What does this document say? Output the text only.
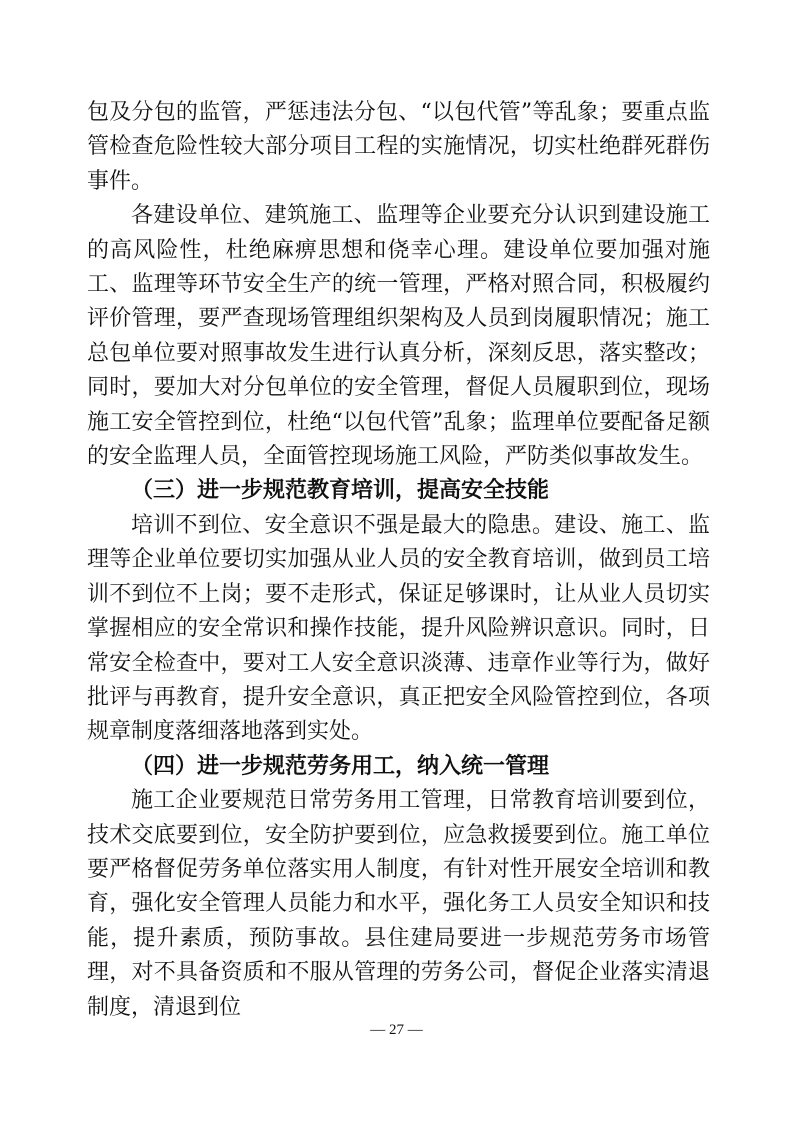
包及分包的监管，严惩违法分包、“以包代管”等乱象；要重点监管检查危险性较大部分项目工程的实施情况，切实杜绝群死群伤事件。

各建设单位、建筑施工、监理等企业要充分认识到建设施工的高风险性，杜绝麻痹思想和侥幸心理。建设单位要加强对施工、监理等环节安全生产的统一管理，严格对照合同，积极履约评价管理，要严查现场管理组织架构及人员到岗履职情况；施工总包单位要对照事故发生进行认真分析，深刻反思，落实整改；同时，要加大对分包单位的安全管理，督促人员履职到位，现场施工安全管控到位，杜绝“以包代管”乱象；监理单位要配备足额的安全监理人员，全面管控现场施工风险，严防类似事故发生。

（三）进一步规范教育培训，提高安全技能

培训不到位、安全意识不强是最大的隐患。建设、施工、监理等企业单位要切实加强从业人员的安全教育培训，做到员工培训不到位不上岗；要不走形式，保证足够课时，让从业人员切实掌握相应的安全常识和操作技能，提升风险辨识意识。同时，日常安全检查中，要对工人安全意识淡薄、违章作业等行为，做好批评与再教育，提升安全意识，真正把安全风险管控到位，各项规章制度落细落地落到实处。

（四）进一步规范劳务用工，纳入统一管理

施工企业要规范日常劳务用工管理，日常教育培训要到位，技术交底要到位，安全防护要到位，应急救援要到位。施工单位要严格督促劳务单位落实用人制度，有针对性开展安全培训和教育，强化安全管理人员能力和水平，强化务工人员安全知识和技能，提升素质，预防事故。县住建局要进一步规范劳务市场管理，对不具备资质和不服从管理的劳务公司，督促企业落实清退制度，清退到位

— 27 —
